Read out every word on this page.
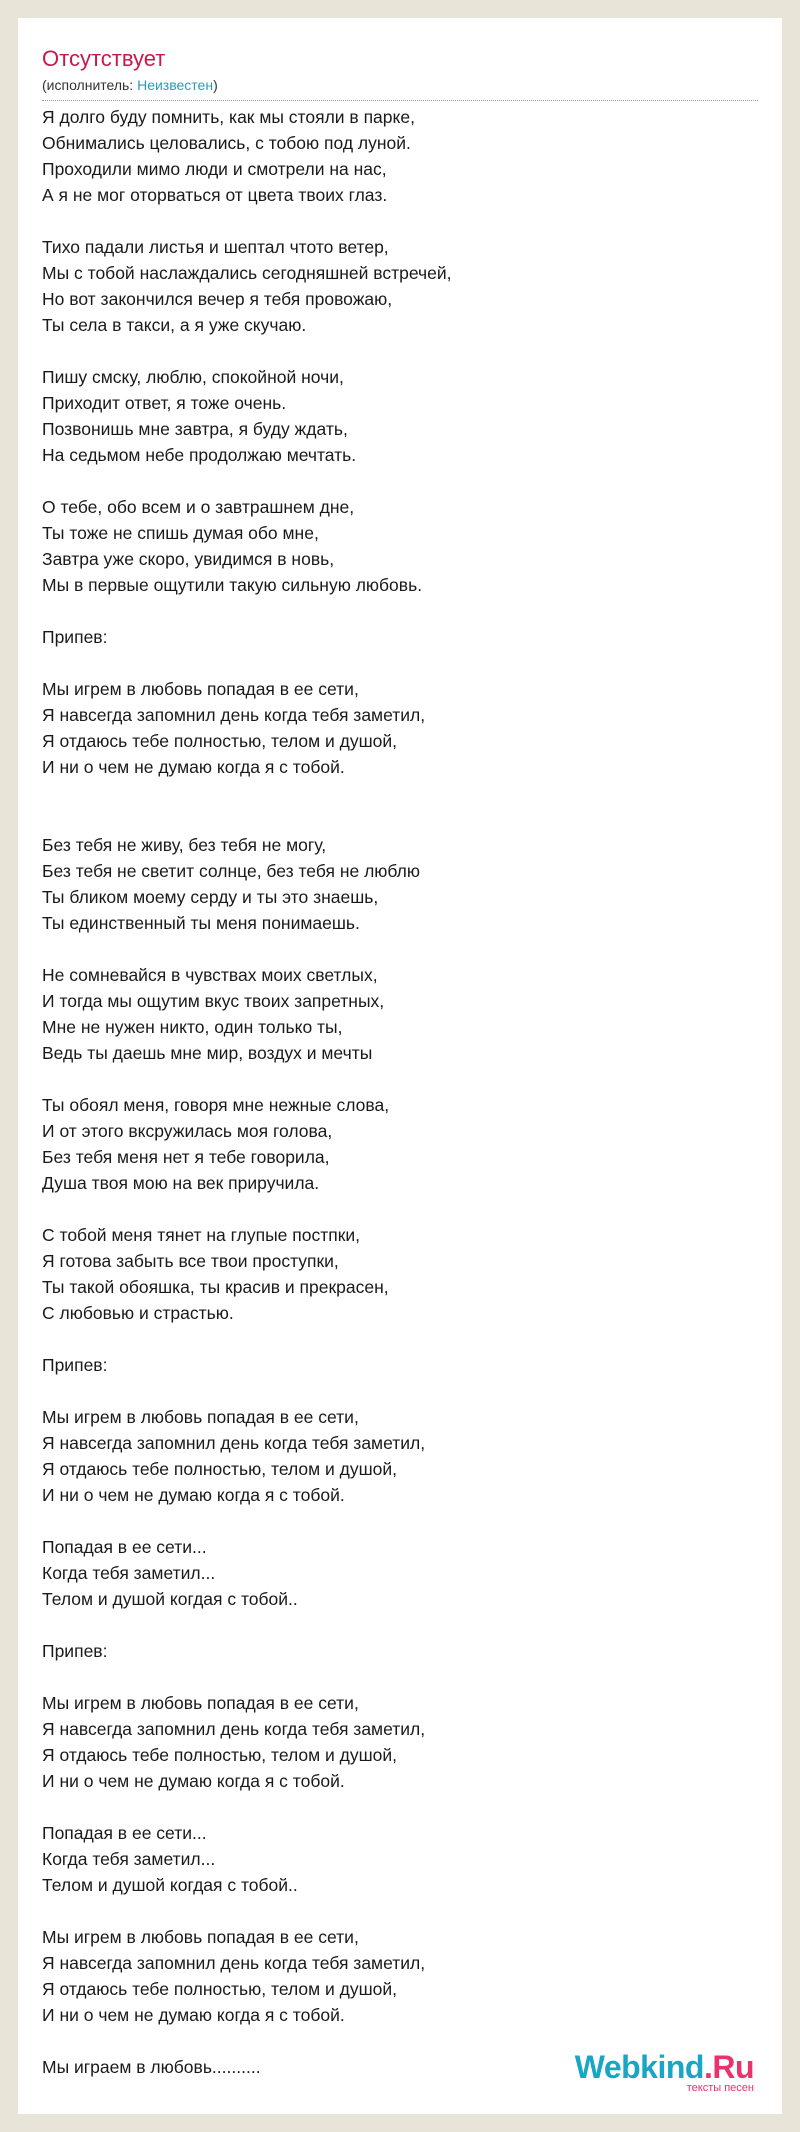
Отсутствует
(исполнитель: Неизвестен)
Я долго буду помнить, как мы стояли в парке,
Обнимались целовались, с тобою под луной.
Проходили мимо люди и смотрели на нас,
А я не мог оторваться от цвета твоих глаз.
Тихо падали листья и шептал чтото ветер,
Мы с тобой наслаждались сегодняшней встречей,
Но вот закончился вечер я тебя провожаю,
Ты села в такси, а я уже скучаю.
Пишу смску, люблю, спокойной ночи,
Приходит ответ, я тоже очень.
Позвонишь мне завтра, я буду ждать,
На седьмом небе продолжаю мечтать.
О тебе, обо всем и о завтрашнем дне,
Ты тоже не спишь думая обо мне,
Завтра уже скоро, увидимся в новь,
Мы в первые ощутили такую сильную любовь.
Припев:
Мы игрем в любовь попадая в ее сети,
Я навсегда запомнил день когда тебя заметил,
Я отдаюсь тебе полностью, телом и душой,
И ни о чем не думаю когда я с тобой.
Без тебя не живу, без тебя не могу,
Без тебя не светит солнце, без тебя не люблю
Ты бликом моему серду и ты это знаешь,
Ты единственный ты меня понимаешь.
Не сомневайся в чувствах моих светлых,
И тогда мы ощутим вкус твоих запретных,
Мне не нужен никто, один только ты,
Ведь ты даешь мне мир, воздух и мечты
Ты обоял меня, говоря мне нежные слова,
И от этого вксружилась моя голова,
Без тебя меня нет я тебе говорила,
Душа твоя мою на век приручила.
С тобой меня тянет на глупые постпки,
Я готова забыть все твои проступки,
Ты такой обояшка, ты красив и прекрасен,
С любовью и страстью.
Припев:
Мы игрем в любовь попадая в ее сети,
Я навсегда запомнил день когда тебя заметил,
Я отдаюсь тебе полностью, телом и душой,
И ни о чем не думаю когда я с тобой.
Попадая в ее сети...
Когда тебя заметил...
Телом и душой когдая с тобой..
Припев:
Мы игрем в любовь попадая в ее сети,
Я навсегда запомнил день когда тебя заметил,
Я отдаюсь тебе полностью, телом и душой,
И ни о чем не думаю когда я с тобой.
Попадая в ее сети...
Когда тебя заметил...
Телом и душой когдая с тобой..
Мы игрем в любовь попадая в ее сети,
Я навсегда запомнил день когда тебя заметил,
Я отдаюсь тебе полностью, телом и душой,
И ни о чем не думаю когда я с тобой.
Мы играем в любовь..........	Webkind.Ru
тексты песен
